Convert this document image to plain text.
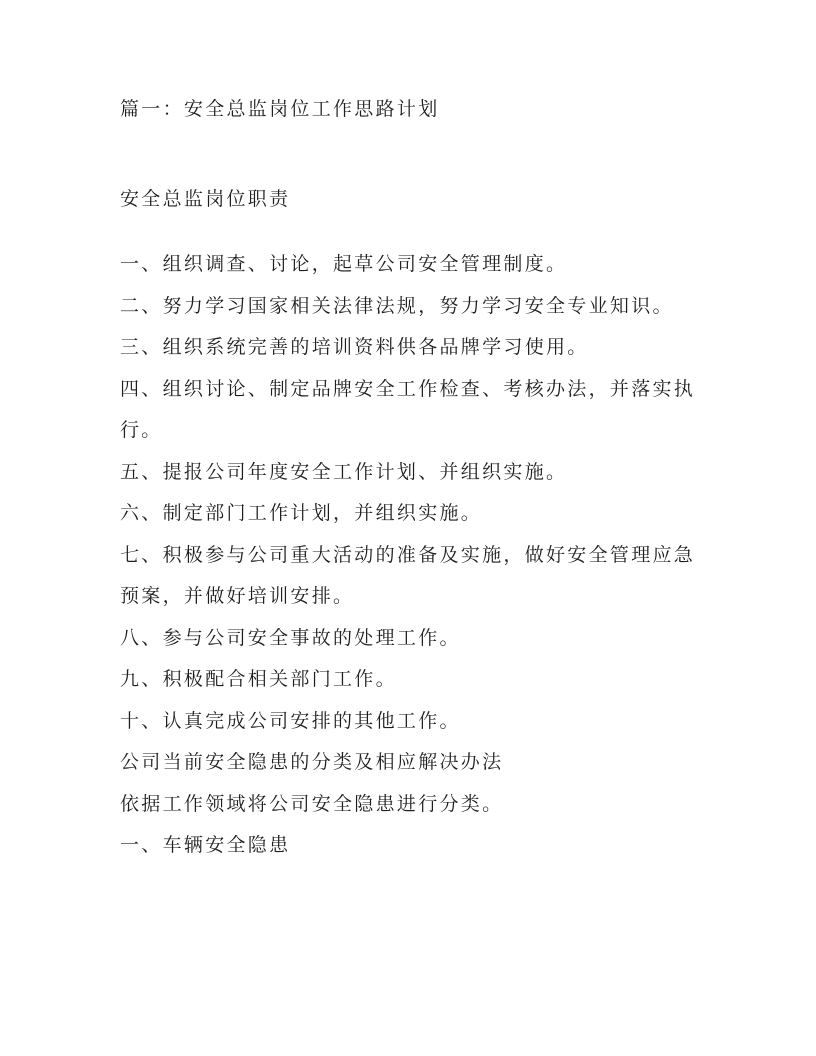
篇一：安全总监岗位工作思路计划
安全总监岗位职责
一、组织调查、讨论，起草公司安全管理制度。
二、努力学习国家相关法律法规，努力学习安全专业知识。
三、组织系统完善的培训资料供各品牌学习使用。
四、组织讨论、制定品牌安全工作检查、考核办法，并落实执
行。
五、提报公司年度安全工作计划、并组织实施。
六、制定部门工作计划，并组织实施。
七、积极参与公司重大活动的准备及实施，做好安全管理应急
预案，并做好培训安排。
八、参与公司安全事故的处理工作。
九、积极配合相关部门工作。
十、认真完成公司安排的其他工作。
公司当前安全隐患的分类及相应解决办法
依据工作领域将公司安全隐患进行分类。
一、车辆安全隐患
